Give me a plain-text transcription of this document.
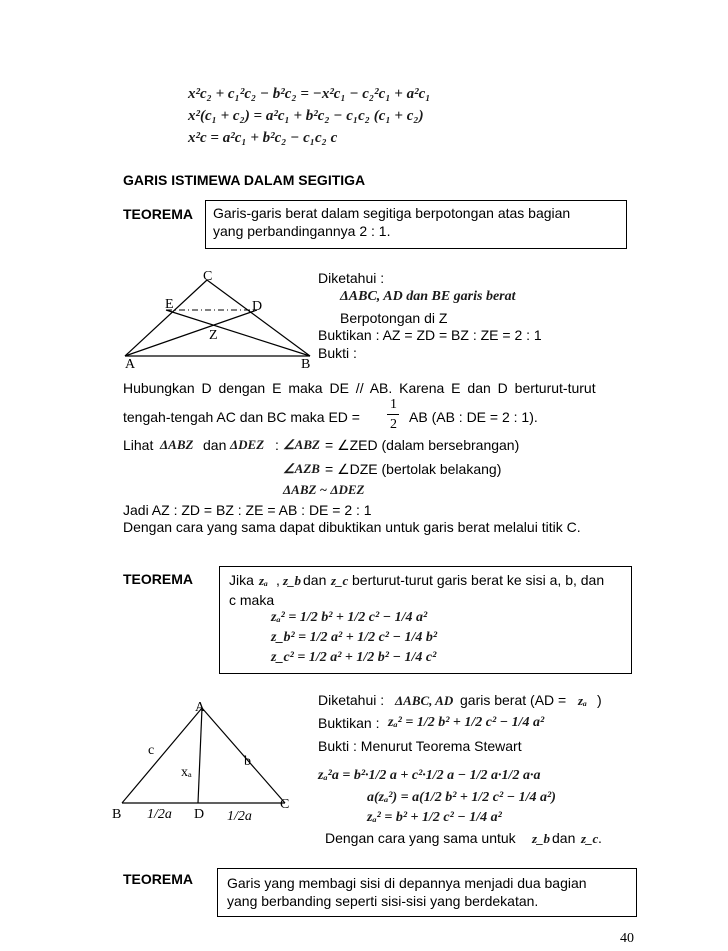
x²c₂ + c₁²c₂ − b²c₂ = −x²c₁ − c₂²c₁ + a²c₁
x²(c₁ + c₂) = a²c₁ + b²c₂ − c₁c₂ (c₁ + c₂)
x²c = a²c₁ + b²c₂ − c₁c₂ c
GARIS ISTIMEWA DALAM SEGITIGA
TEOREMA Garis-garis berat dalam segitiga berpotongan atas bagian
yang perbandingannya 2 : 1.
C
E	D
Z
A	B
Diketahui :
ΔABC, AD dan BE garis berat
Berpotongan di Z
Buktikan : AZ = ZD = BZ : ZE = 2 : 1
Bukti :
Hubungkan D dengan E maka DE // AB. Karena E dan D berturut-turut
tengah-tengah AC dan BC maka ED =
1
2 AB (AB : DE = 2 : 1).
Lihat ΔABZ dan ΔDEZ : ∠ABZ = ∠ZED (dalam bersebrangan)
∠AZB = ∠DZE (bertolak belakang)
ΔABZ ~ ΔDEZ
Jadi AZ : ZD = BZ : ZE = AB : DE = 2 : 1
Dengan cara yang sama dapat dibuktikan untuk garis berat melalui titik C.
TEOREMA	Jika zₐ , z_b dan z_c berturut-turut garis berat ke sisi a, b, dan
c maka
zₐ² = 1/2 b² + 1/2 c² − 1/4 a²
z_b² = 1/2 a² + 1/2 c² − 1/4 b²
z_c² = 1/2 a² + 1/2 b² − 1/4 c²
A
c
b
xₐ
B	D
C
1/2a	1/2a
Diketahui : ΔABC, AD garis berat (AD = zₐ )
Buktikan : zₐ² = 1/2 b² + 1/2 c² − 1/4 a²
Bukti : Menurut Teorema Stewart
zₐ²a = b²·1/2 a + c²·1/2 a − 1/2 a·1/2 a·a
a(zₐ²) = a(1/2 b² + 1/2 c² − 1/4 a²)
zₐ² = b² + 1/2 c² − 1/4 a²
Dengan cara yang sama untuk z_b dan z_c .
TEOREMA Garis yang membagi sisi di depannya menjadi dua bagian
yang berbanding seperti sisi-sisi yang berdekatan.
40
